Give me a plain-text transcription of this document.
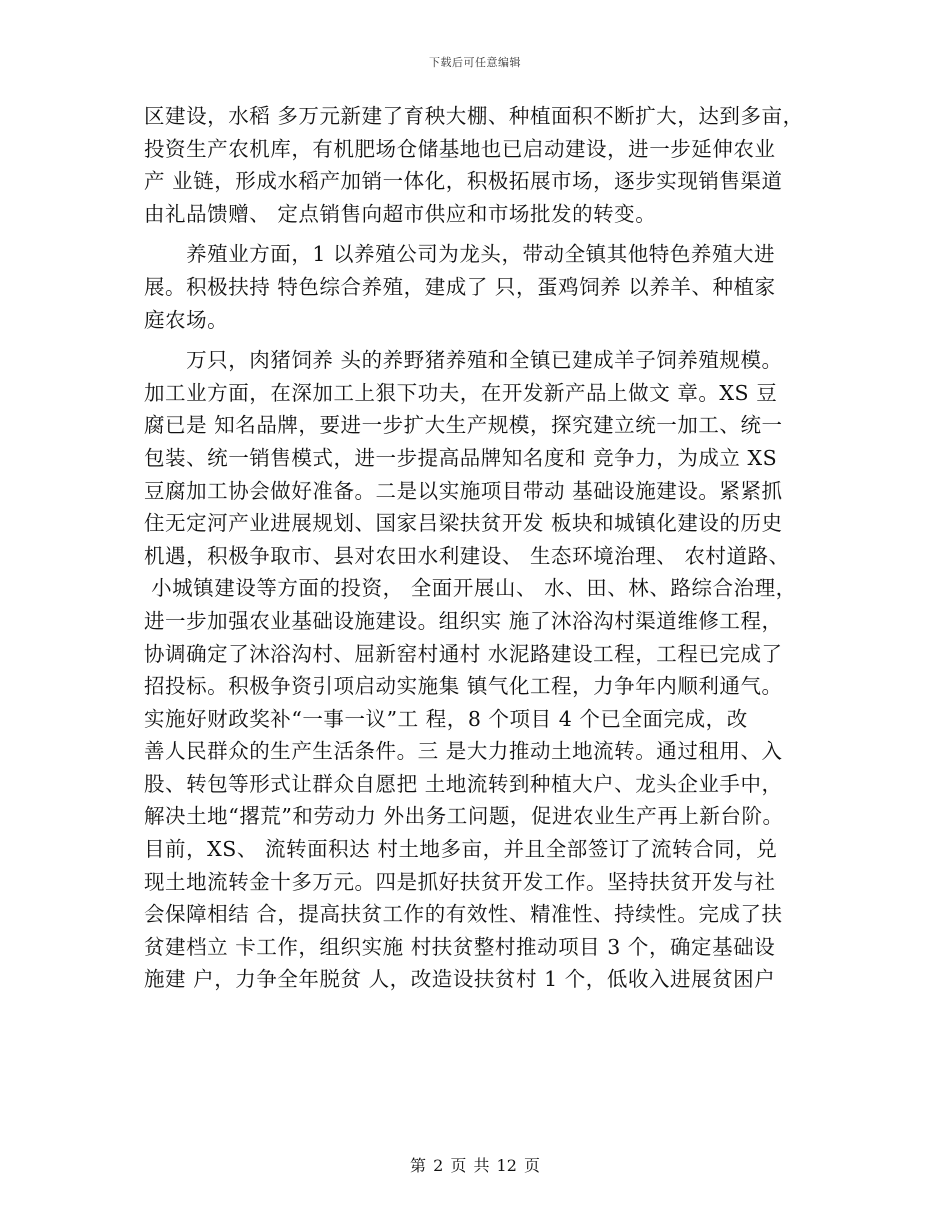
下载后可任意编辑
区建设，水稻 多万元新建了育秧大棚、种植面积不断扩大，达到多亩，
投资生产农机库，有机肥场仓储基地也已启动建设，进一步延伸农业
产 业链，形成水稻产加销一体化，积极拓展市场，逐步实现销售渠道
由礼品馈赠、 定点销售向超市供应和市场批发的转变。
　　养殖业方面，1 以养殖公司为龙头，带动全镇其他特色养殖大进
展。积极扶持 特色综合养殖，建成了 只，蛋鸡饲养 以养羊、种植家
庭农场。
　　万只，肉猪饲养 头的养野猪养殖和全镇已建成羊子饲养殖规模。
加工业方面，在深加工上狠下功夫，在开发新产品上做文 章。XS 豆
腐已是 知名品牌，要进一步扩大生产规模，探究建立统一加工、统一
包装、统一销售模式，进一步提高品牌知名度和 竞争力，为成立 XS
豆腐加工协会做好准备。二是以实施项目带动 基础设施建设。紧紧抓
住无定河产业进展规划、国家吕梁扶贫开发 板块和城镇化建设的历史
机遇，积极争取市、县对农田水利建设、 生态环境治理、 农村道路、
小城镇建设等方面的投资， 全面开展山、 水、田、林、路综合治理，
进一步加强农业基础设施建设。组织实 施了沐浴沟村渠道维修工程，
协调确定了沐浴沟村、屈新窑村通村 水泥路建设工程，工程已完成了
招投标。积极争资引项启动实施集 镇气化工程，力争年内顺利通气。
实施好财政奖补“一事一议”工 程，8 个项目 4 个已全面完成，改
善人民群众的生产生活条件。三 是大力推动土地流转。通过租用、入
股、转包等形式让群众自愿把 土地流转到种植大户、龙头企业手中，
解决土地“撂荒”和劳动力 外出务工问题，促进农业生产再上新台阶。
目前，XS、 流转面积达 村土地多亩，并且全部签订了流转合同，兑
现土地流转金十多万元。四是抓好扶贫开发工作。坚持扶贫开发与社
会保障相结 合，提高扶贫工作的有效性、精准性、持续性。完成了扶
贫建档立 卡工作，组织实施 村扶贫整村推动项目 3 个，确定基础设
施建 户，力争全年脱贫 人，改造设扶贫村 1 个，低收入进展贫困户
第 2 页 共 12 页
